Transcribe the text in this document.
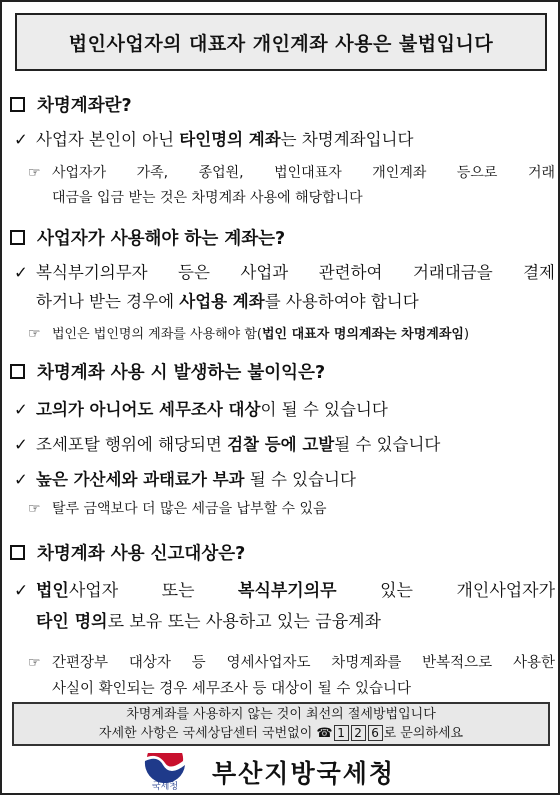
법인사업자의 대표자 개인계좌 사용은 불법입니다
차명계좌란?
✓ 사업자 본인이 아닌 타인명의 계좌는 차명계좌입니다
☞ 사업자가 가족, 종업원, 법인대표자 개인계좌 등으로 거래
대금을 입금 받는 것은 차명계좌 사용에 해당합니다
사업자가 사용해야 하는 계좌는?
✓ 복식부기의무자 등은 사업과 관련하여 거래대금을 결제
하거나 받는 경우에 사업용 계좌를 사용하여야 합니다
☞ 법인은 법인명의 계좌를 사용해야 함(법인 대표자 명의계좌는 차명계좌임)
차명계좌 사용 시 발생하는 불이익은?
✓ 고의가 아니어도 세무조사 대상이 될 수 있습니다
✓ 조세포탈 행위에 해당되면 검찰 등에 고발될 수 있습니다
✓ 높은 가산세와 과태료가 부과 될 수 있습니다
☞ 탈루 금액보다 더 많은 세금을 납부할 수 있음
차명계좌 사용 신고대상은?
✓ 법인사업자 또는 복식부기의무 있는 개인사업자가
타인 명의로 보유 또는 사용하고 있는 금융계좌
☞ 간편장부 대상자 등 영세사업자도 차명계좌를 반복적으로 사용한
사실이 확인되는 경우 세무조사 등 대상이 될 수 있습니다
차명계좌를 사용하지 않는 것이 최선의 절세방법입니다
자세한 사항은 국세상담센터 국번없이 ☎ 1 2 6 로 문의하세요
국세청 부산지방국세청
